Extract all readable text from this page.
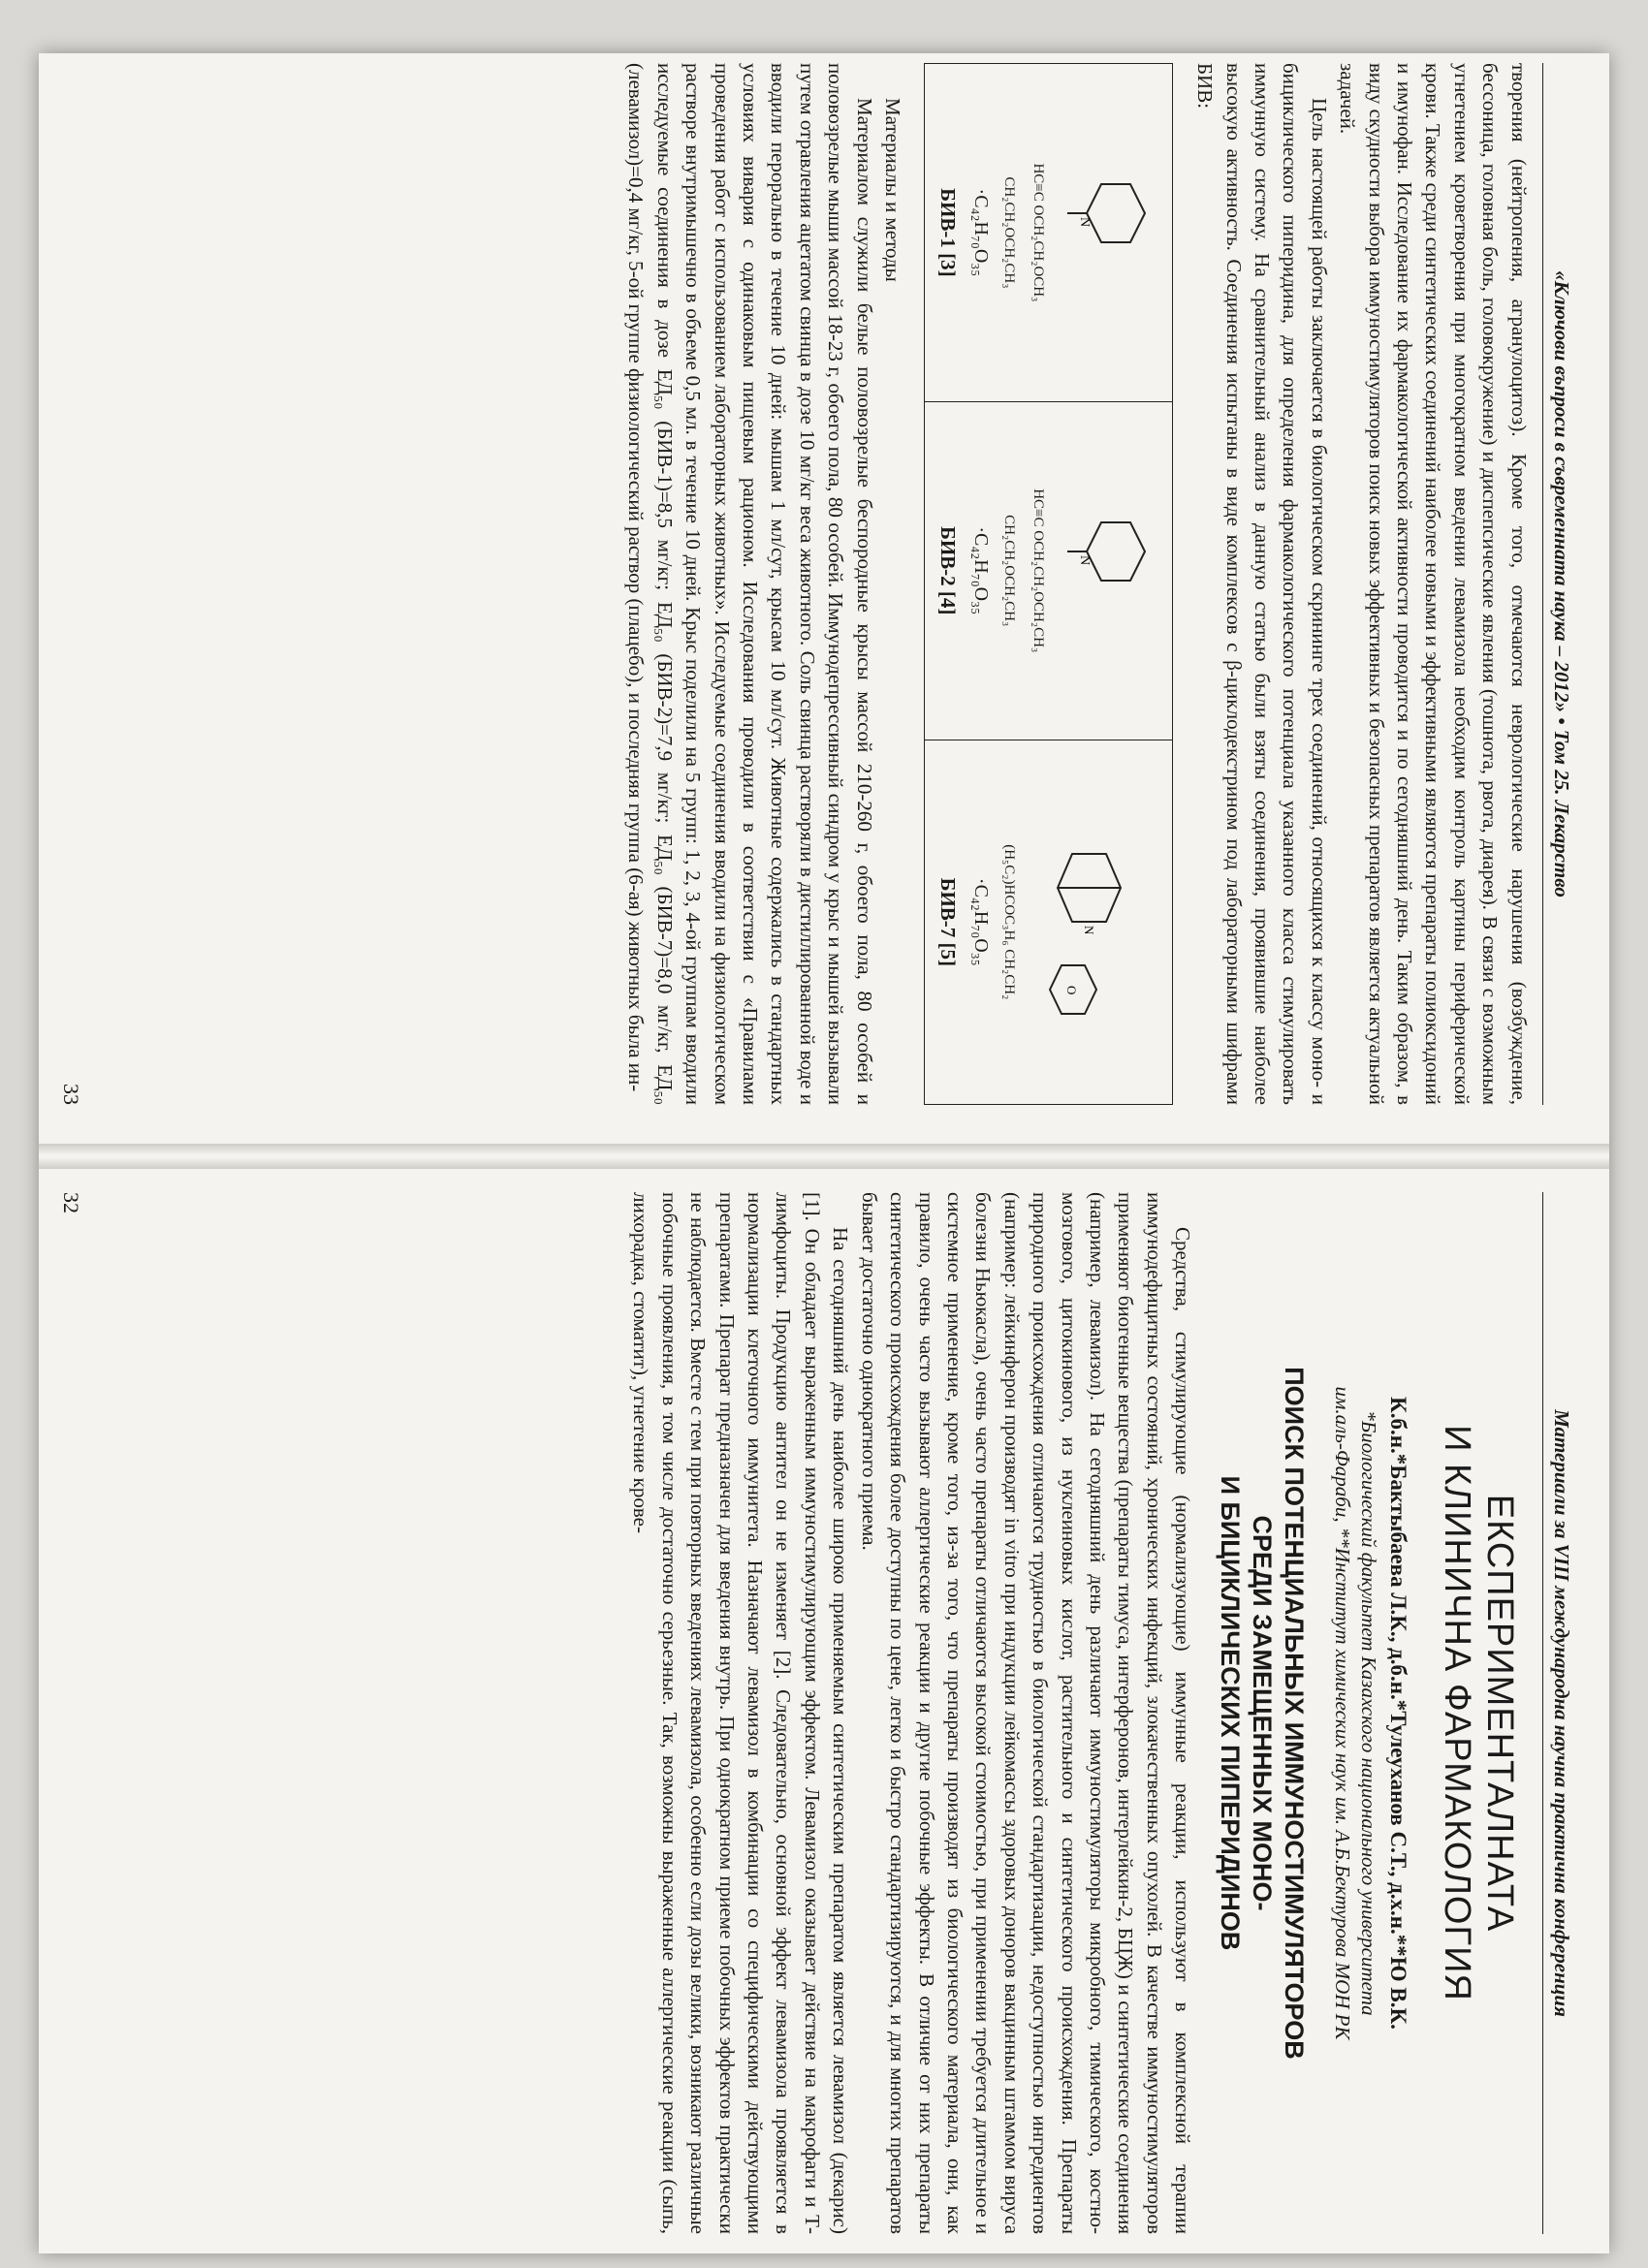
«Ключови въпроси в съвременната наука – 2012» • Том 25. Лекарство

творения (нейтропения, агранулоцитоз). Кроме того, отмечаются неврологические нарушения (возбуждение, бессоница, головная боль, головокружение) и диспепсические явления (тошнота, рвота, диарея). В связи с возможным угнетением кроветворения при многократном введении левамизола необходим контроль картины периферической крови. Также среди синтетических соединений наиболее новыми и эффективными являются препараты полиоксидоний и имунофан. Исследование их фармакологической активности проводится и по сегодняшний день. Таким образом, в виду скудности выбора иммуностимуляторов поиск новых эффективных и безопасных препаратов является актуальной задачей.

Цель настоящей работы заключается в биологическом скрининге трех соединений, относящихся к классу моно- и бициклического пиперидина, для определения фармакологического потенциала указанного класса стимулировать иммунную систему. На сравнительный анализ в данную статью были взяты соединения, проявившие наиболее высокую активность. Соединения испытаны в виде комплексов с β-циклодекстрином под лабораторными шифрами БИВ:

N
HC≡C OCH₂CH₂OCH₃
CH₂CH₂OCH₂CH₃
·C₄₂H₇₀O₃₅
БИВ-1 [3]	
N
HC≡C OCH₂CH₂OCH₂CH₃
CH₂CH₂OCH₂CH₃
·C₄₂H₇₀O₃₅
БИВ-2 [4]	
O
N
(H₅C₂)HCOC₃H₆ CH₂CH₂
·C₄₂H₇₀O₃₅
БИВ-7 [5]

Материалы и методы

Материалом служили белые половозрелые беспородные крысы массой 210-260 г, обоего пола, 80 особей и половозрелые мыши массой 18-23 г, обоего пола, 80 особей. Иммунодепрессивный синдром у крыс и мышей вызывали путем отравления ацетатом свинца в дозе 10 мг/кг веса животного. Соль свинца растворяли в дистиллированной воде и вводили перорально в течение 10 дней: мышам 1 мл/сут, крысам 10 мл/сут. Животные содержались в стандартных условиях вивария с одинаковым пищевым рационом. Исследования проводили в соответствии с «Правилами проведения работ с использованием лабораторных животных». Исследуемые соединения вводили на физиологическом растворе внутримышечно в объеме 0,5 мл. в течение 10 дней. Крыс поделили на 5 групп: 1, 2, 3, 4-ой группам вводили исследуемые соединения в дозе ЕД₅₀ (БИВ-1)=8,5 мг/кг; ЕД₅₀ (БИВ-2)=7,9 мг/кг; ЕД₅₀ (БИВ-7)=8,0 мг/кг, ЕД₅₀ (левамизол)=0,4 мг/кг, 5-ой группе физиологический раствор (плацебо), и последняя группа (6-ая) животных была ин-

33
Материали за VIII международна научна практична конференция
ЕКСПЕРИМЕНТАЛНАТА
И КЛИНИЧНА ФАРМАКОЛОГИЯ
К.б.н.*Бактыбаева Л.К., д.б.н.*Тулеуханов С.Т., д.х.н.**Ю В.К.
*Биологический факультет Казахского национального университета
им.аль-Фараби, **Институт химических наук им. А.Б.Бектурова МОН РК
ПОИСК ПОТЕНЦИАЛЬНЫХ ИММУНОСТИМУЛЯТОРОВ
СРЕДИ ЗАМЕЩЕННЫХ МОНО-
И БИЦИКЛИЧЕСКИХ ПИПЕРИДИНОВ

Средства, стимулирующие (нормализующие) иммунные реакции, используют в комплексной терапии иммунодефицитных состояний, хронических инфекций, злокачественных опухолей. В качестве иммуностимуляторов применяют биогенные вещества (препараты тимуса, интерферонов, интерлейкин-2, БЦЖ) и синтетические соединения (например, левамизол). На сегодняшний день различают иммуностимуляторы микробного, тимического, костно-мозгового, цитокинового, из нуклеиновых кислот, растительного и синтетического происхождения. Препараты природного происхождения отличаются трудностью в биологической стандартизации, недоступностью ингредиентов (например: лейкинферон производят in vitro при индукции лейкомассы здоровых доноров вакцинным штаммом вируса болезни Ньюкасла), очень часто препараты отличаются высокой стоимостью, при применении требуется длительное и системное применение, кроме того, из-за того, что препараты производят из биологического материала, они, как правило, очень часто вызывают аллергические реакции и другие побочные эффекты. В отличие от них препараты синтетического происхождения более доступны по цене, легко и быстро стандартизируются, и для многих препаратов бывает достаточно однократного приема.

На сегодняшний день наиболее широко применяемым синтетическим препаратом является левамизол (декарис) [1]. Он обладает выраженным иммуностимулирующим эффектом. Левамизол оказывает действие на макрофаги и Т-лимфоциты. Продукцию антител он не изменяет [2]. Следовательно, основной эффект левамизола проявляется в нормализации клеточного иммунитета. Назначают левамизол в комбинации со специфическими действующими препаратами. Препарат предназначен для введения внутрь. При однократном приеме побочных эффектов практически не наблюдается. Вместе с тем при повторных введениях левамизола, особенно если дозы велики, возникают различные побочные проявления, в том числе достаточно серьезные. Так, возможны выраженные аллергические реакции (сыпь, лихорадка, стоматит), угнетение крове-

32
